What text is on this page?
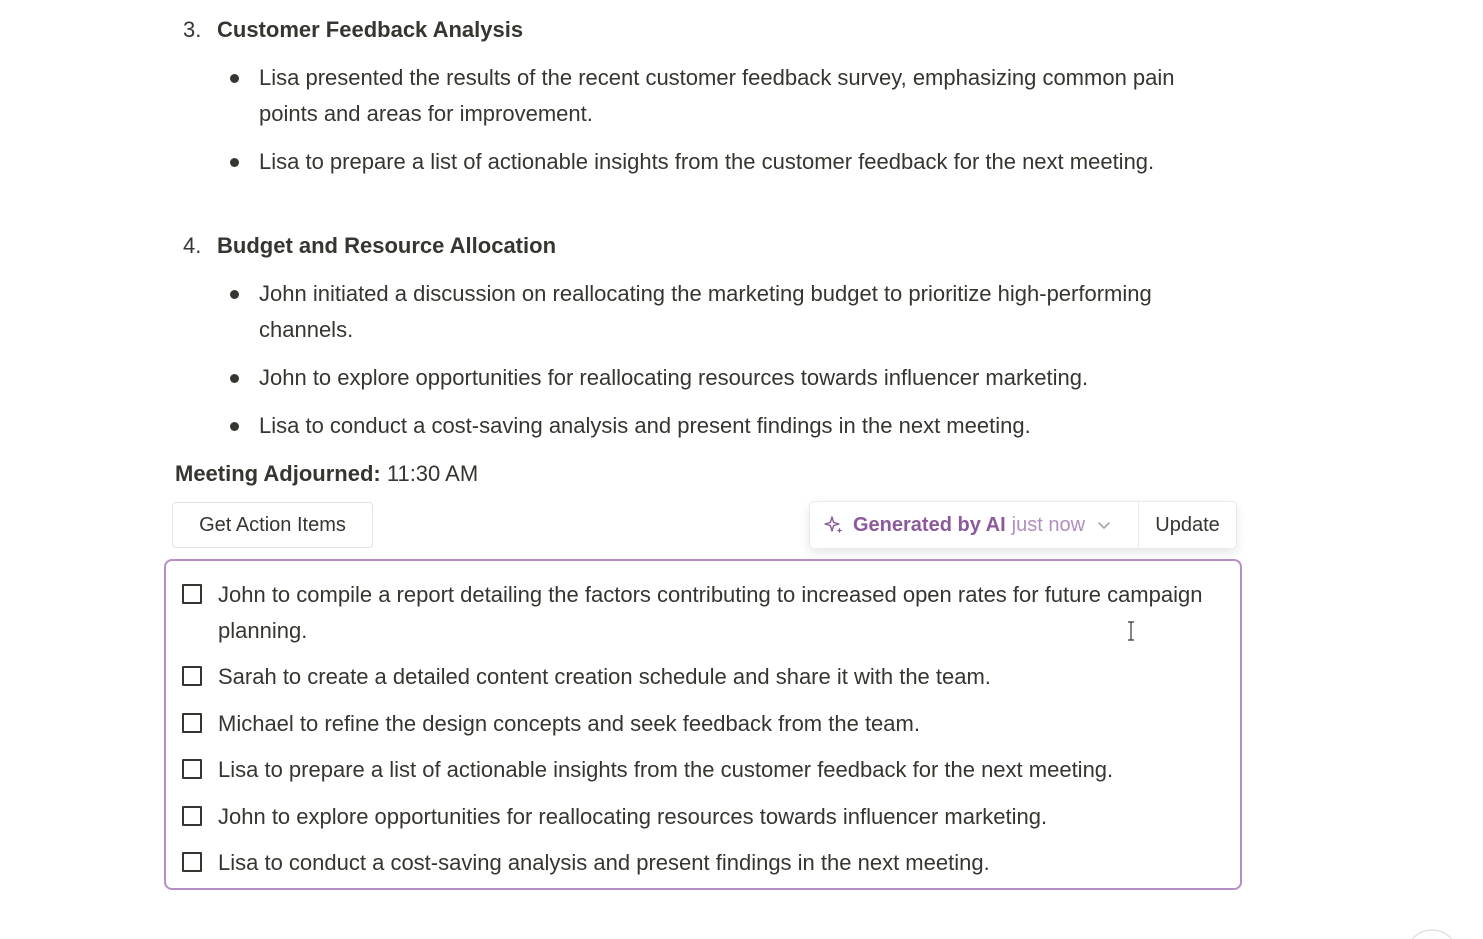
3. Customer Feedback Analysis
Lisa presented the results of the recent customer feedback survey, emphasizing common pain points and areas for improvement.
Lisa to prepare a list of actionable insights from the customer feedback for the next meeting.
4. Budget and Resource Allocation
John initiated a discussion on reallocating the marketing budget to prioritize high-performing channels.
John to explore opportunities for reallocating resources towards influencer marketing.
Lisa to conduct a cost-saving analysis and present findings in the next meeting.
Meeting Adjourned: 11:30 AM
Get Action Items	Generated by AI just now	Update
John to compile a report detailing the factors contributing to increased open rates for future campaign planning.
Sarah to create a detailed content creation schedule and share it with the team.
Michael to refine the design concepts and seek feedback from the team.
Lisa to prepare a list of actionable insights from the customer feedback for the next meeting.
John to explore opportunities for reallocating resources towards influencer marketing.
Lisa to conduct a cost-saving analysis and present findings in the next meeting.
